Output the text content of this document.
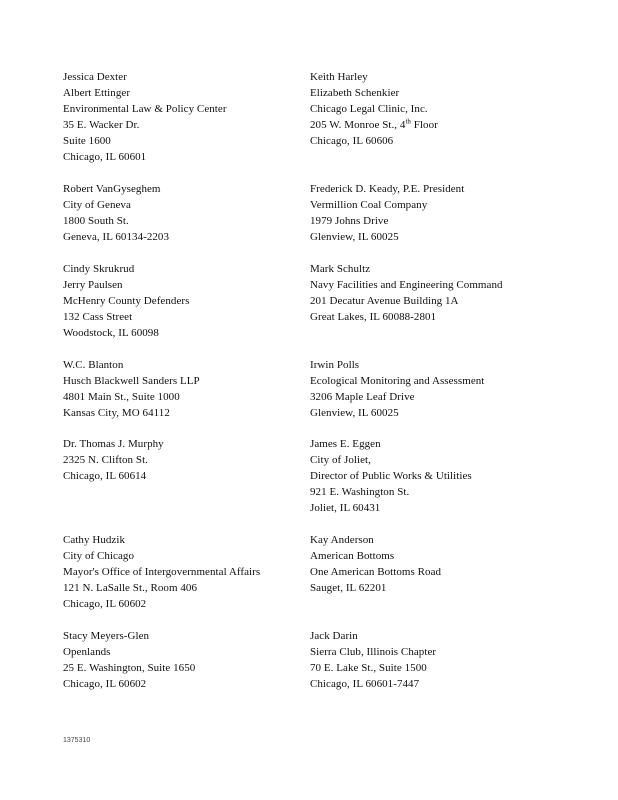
Jessica Dexter
Albert Ettinger
Environmental Law & Policy Center
35 E. Wacker Dr.
Suite 1600
Chicago, IL 60601
Keith Harley
Elizabeth Schenkier
Chicago Legal Clinic, Inc.
205 W. Monroe St., 4th Floor
Chicago, IL 60606
Robert VanGyseghem
City of Geneva
1800 South St.
Geneva, IL 60134-2203
Frederick D. Keady, P.E. President
Vermillion Coal Company
1979 Johns Drive
Glenview, IL 60025
Cindy Skrukrud
Jerry Paulsen
McHenry County Defenders
132 Cass Street
Woodstock, IL 60098
Mark Schultz
Navy Facilities and Engineering Command
201 Decatur Avenue Building 1A
Great Lakes, IL 60088-2801
W.C. Blanton
Husch Blackwell Sanders LLP
4801 Main St., Suite 1000
Kansas City, MO 64112
Irwin Polls
Ecological Monitoring and Assessment
3206 Maple Leaf Drive
Glenview, IL 60025
Dr. Thomas J. Murphy
2325 N. Clifton St.
Chicago, IL 60614
James E. Eggen
City of Joliet,
Director of Public Works & Utilities
921 E. Washington St.
Joliet, IL 60431
Cathy Hudzik
City of Chicago
Mayor's Office of Intergovernmental Affairs
121 N. LaSalle St., Room 406
Chicago, IL 60602
Kay Anderson
American Bottoms
One American Bottoms Road
Sauget, IL 62201
Stacy Meyers-Glen
Openlands
25 E. Washington, Suite 1650
Chicago, IL 60602
Jack Darin
Sierra Club, Illinois Chapter
70 E. Lake St., Suite 1500
Chicago, IL 60601-7447
1375310
